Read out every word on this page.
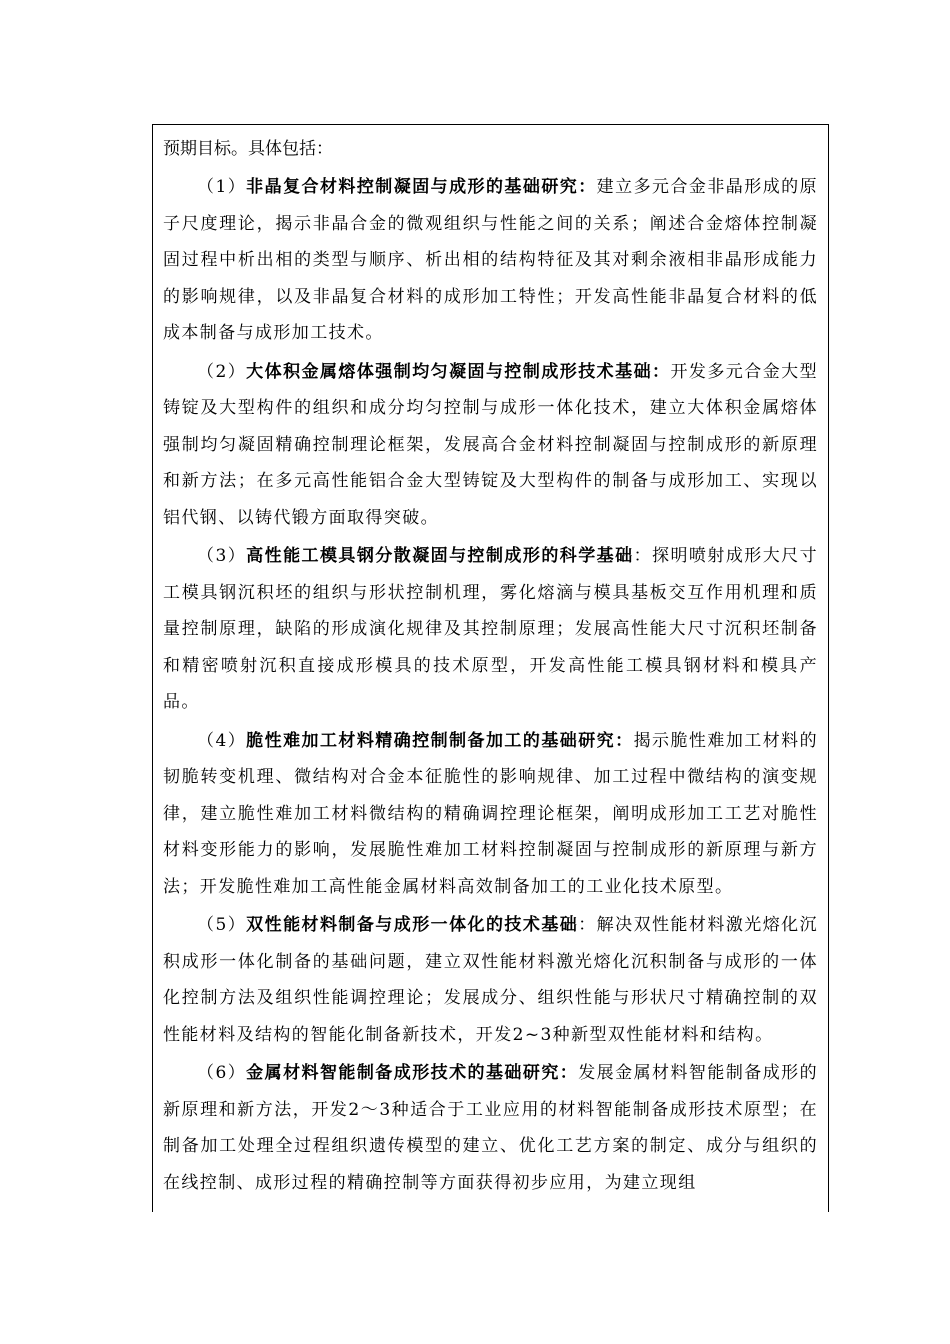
预期目标。具体包括：

（1）非晶复合材料控制凝固与成形的基础研究：建立多元合金非晶形成的原子尺度理论，揭示非晶合金的微观组织与性能之间的关系；阐述合金熔体控制凝固过程中析出相的类型与顺序、析出相的结构特征及其对剩余液相非晶形成能力的影响规律，以及非晶复合材料的成形加工特性；开发高性能非晶复合材料的低成本制备与成形加工技术。

（2）大体积金属熔体强制均匀凝固与控制成形技术基础：开发多元合金大型铸锭及大型构件的组织和成分均匀控制与成形一体化技术，建立大体积金属熔体强制均匀凝固精确控制理论框架，发展高合金材料控制凝固与控制成形的新原理和新方法；在多元高性能铝合金大型铸锭及大型构件的制备与成形加工、实现以铝代钢、以铸代锻方面取得突破。

（3）高性能工模具钢分散凝固与控制成形的科学基础：探明喷射成形大尺寸工模具钢沉积坯的组织与形状控制机理，雾化熔滴与模具基板交互作用机理和质量控制原理，缺陷的形成演化规律及其控制原理；发展高性能大尺寸沉积坯制备和精密喷射沉积直接成形模具的技术原型，开发高性能工模具钢材料和模具产品。

（4）脆性难加工材料精确控制制备加工的基础研究：揭示脆性难加工材料的韧脆转变机理、微结构对合金本征脆性的影响规律、加工过程中微结构的演变规律，建立脆性难加工材料微结构的精确调控理论框架，阐明成形加工工艺对脆性材料变形能力的影响，发展脆性难加工材料控制凝固与控制成形的新原理与新方法；开发脆性难加工高性能金属材料高效制备加工的工业化技术原型。

（5）双性能材料制备与成形一体化的技术基础：解决双性能材料激光熔化沉积成形一体化制备的基础问题，建立双性能材料激光熔化沉积制备与成形的一体化控制方法及组织性能调控理论；发展成分、组织性能与形状尺寸精确控制的双性能材料及结构的智能化制备新技术，开发2~3种新型双性能材料和结构。

（6）金属材料智能制备成形技术的基础研究：发展金属材料智能制备成形的新原理和新方法，开发2～3种适合于工业应用的材料智能制备成形技术原型；在制备加工处理全过程组织遗传模型的建立、优化工艺方案的制定、成分与组织的在线控制、成形过程的精确控制等方面获得初步应用，为建立现组
